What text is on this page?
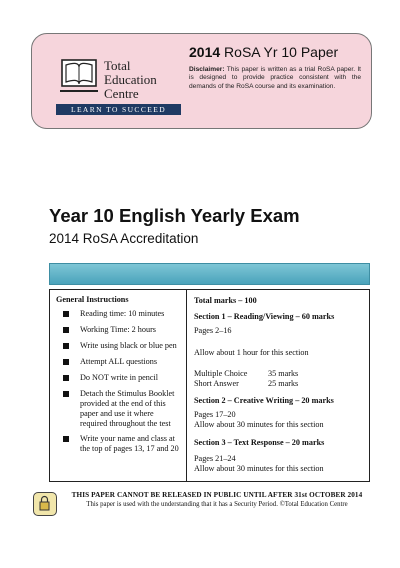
Total
Education
Centre
LEARN TO SUCCEED
2014 RoSA Yr 10 Paper
Disclaimer: This paper is written as a trial RoSA paper. It is designed to provide practice consistent with the demands of the RoSA course and its examination.
Year 10 English Yearly Exam
2014 RoSA Accreditation
General Instructions
Reading time: 10 minutes
Working Time: 2 hours
Write using black or blue pen
Attempt ALL questions
Do NOT write in pencil
Detach the Stimulus Booklet provided at the end of this paper and use it where required throughout the test
Write your name and class at the top of pages 13, 17 and 20
Total marks – 100
Section 1 – Reading/Viewing – 60 marks
Pages 2–16
Allow about 1 hour for this section
Multiple Choice	35 marks
Short Answer	25 marks
Section 2 – Creative Writing – 20 marks
Pages 17–20
Allow about 30 minutes for this section
Section 3 – Text Response – 20 marks
Pages 21–24
Allow about 30 minutes for this section
THIS PAPER CANNOT BE RELEASED IN PUBLIC UNTIL AFTER 31st OCTOBER 2014
This paper is used with the understanding that it has a Security Period. ©Total Education Centre
